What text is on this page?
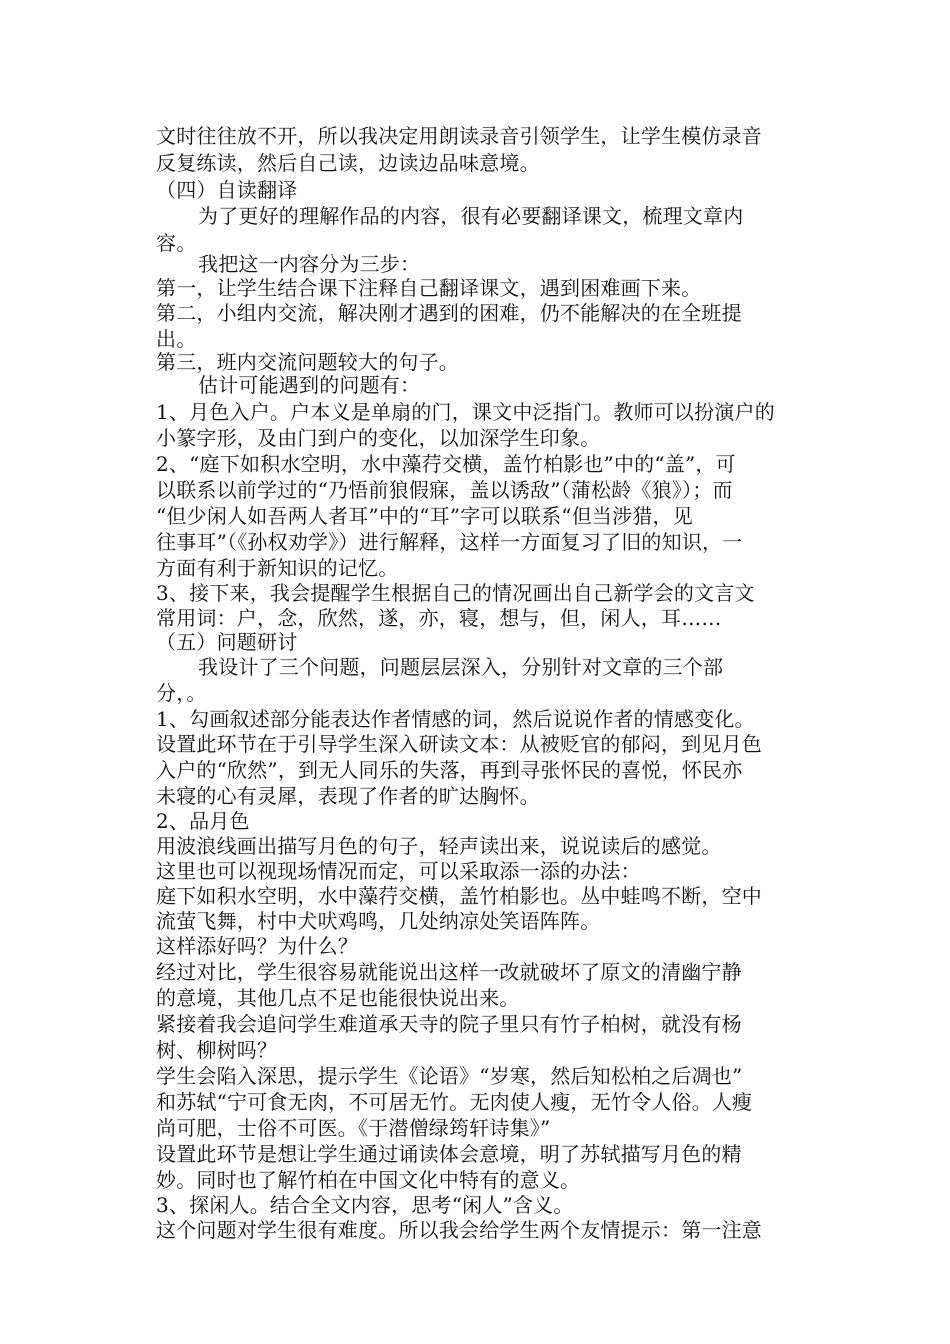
文时往往放不开，所以我决定用朗读录音引领学生，让学生模仿录音
反复练读，然后自己读，边读边品味意境。
（四）自读翻译
为了更好的理解作品的内容，很有必要翻译课文，梳理文章内
容。
我把这一内容分为三步：
第一，让学生结合课下注释自己翻译课文，遇到困难画下来。
第二，小组内交流，解决刚才遇到的困难，仍不能解决的在全班提
出。
第三，班内交流问题较大的句子。
估计可能遇到的问题有：
1、月色入户。户本义是单扇的门，课文中泛指门。教师可以扮演户的
小篆字形，及由门到户的变化，以加深学生印象。
2、“庭下如积水空明，水中藻荇交横，盖竹柏影也”中的“盖”，可
以联系以前学过的“乃悟前狼假寐，盖以诱敌”（蒲松龄《狼》）；而
“但少闲人如吾两人者耳”中的“耳”字可以联系“但当涉猎，见
往事耳”（《孙权劝学》）进行解释，这样一方面复习了旧的知识，一
方面有利于新知识的记忆。
3、接下来，我会提醒学生根据自己的情况画出自己新学会的文言文
常用词：户，念，欣然，遂，亦，寝，想与，但，闲人，耳……
（五）问题研讨
我设计了三个问题，问题层层深入，分别针对文章的三个部
分，。
1、勾画叙述部分能表达作者情感的词，然后说说作者的情感变化。
设置此环节在于引导学生深入研读文本：从被贬官的郁闷，到见月色
入户的“欣然”，到无人同乐的失落，再到寻张怀民的喜悦，怀民亦
未寝的心有灵犀，表现了作者的旷达胸怀。
2、品月色
用波浪线画出描写月色的句子，轻声读出来，说说读后的感觉。
这里也可以视现场情况而定，可以采取添一添的办法：
庭下如积水空明，水中藻荇交横，盖竹柏影也。丛中蛙鸣不断，空中
流萤飞舞，村中犬吠鸡鸣，几处纳凉处笑语阵阵。
这样添好吗？为什么？
经过对比，学生很容易就能说出这样一改就破坏了原文的清幽宁静
的意境，其他几点不足也能很快说出来。
紧接着我会追问学生难道承天寺的院子里只有竹子柏树，就没有杨
树、柳树吗？
学生会陷入深思，提示学生《论语》“岁寒，然后知松柏之后凋也”
和苏轼“宁可食无肉，不可居无竹。无肉使人瘦，无竹令人俗。人瘦
尚可肥，士俗不可医。《于潜僧绿筠轩诗集》”
设置此环节是想让学生通过诵读体会意境，明了苏轼描写月色的精
妙。同时也了解竹柏在中国文化中特有的意义。
3、探闲人。结合全文内容，思考“闲人”含义。
这个问题对学生很有难度。所以我会给学生两个友情提示：第一注意
